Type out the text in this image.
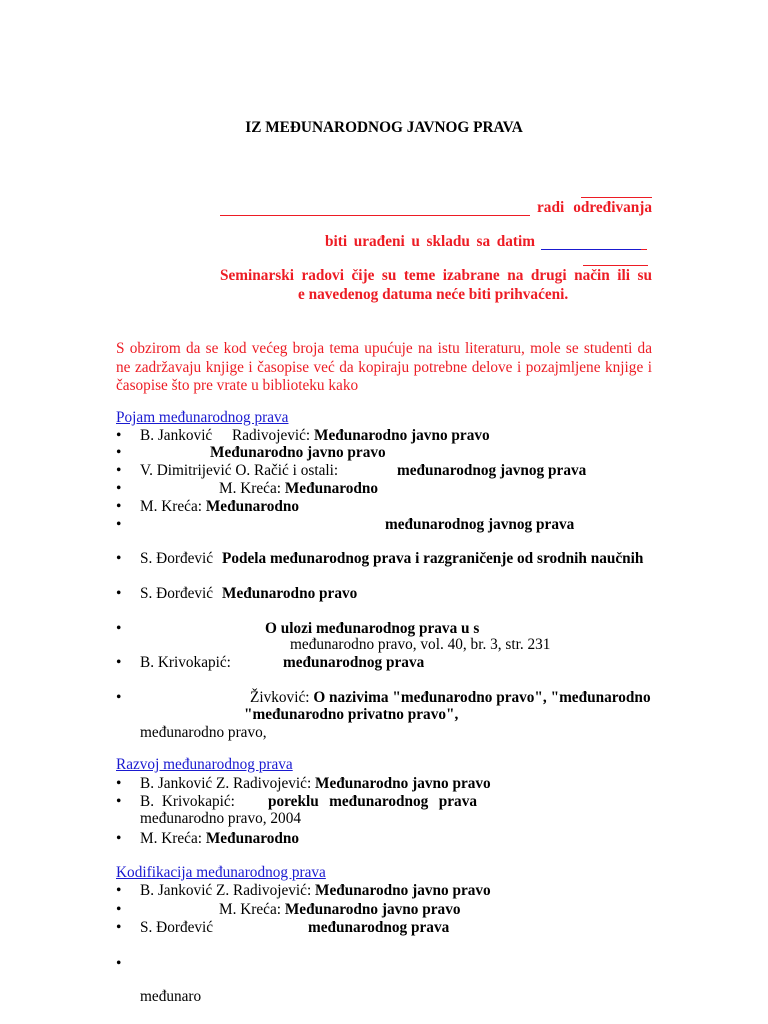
IZ MEĐUNARODNOG JAVNOG PRAVA
radi određivanja
biti urađeni u skladu sa datim
Seminarski radovi čije su teme izabrane na drugi način ili su
e navedenog datuma neće biti prihvaćeni.
S obzirom da se kod većeg broja tema upućuje na istu literaturu, mole se studenti da
ne zadržavaju knjige i časopise već da kopiraju potrebne delove i pozajmljene knjige i
časopise što pre vrate u biblioteku kako
Pojam međunarodnog prava
•
B. Janković Radivojević: Međunarodno javno pravo
•
Međunarodno javno pravo
•
V. Dimitrijević O. Račić i ostali:	međunarodnog javnog prava
•
M. Kreća: Međunarodno
•
M. Kreća: Međunarodno
•
međunarodnog javnog prava
•
S. Đorđević Podela međunarodnog prava i razgraničenje od srodnih naučnih
•
S. Đorđević Međunarodno pravo
•
O ulozi međunarodnog prava u s
međunarodno pravo, vol. 40, br. 3, str. 231
•
B. Krivokapić:	međunarodnog prava
•
Živković: O nazivima "međunarodno pravo", "međunarodno
"međunarodno privatno pravo",
međunarodno pravo,
Razvoj međunarodnog prava
•
B. Janković Z. Radivojević: Međunarodno javno pravo
•
B. Krivokapić: poreklu međunarodnog prava
međunarodno pravo, 2004
•
M. Kreća: Međunarodno
Kodifikacija međunarodnog prava
•
B. Janković Z. Radivojević: Međunarodno javno pravo
•
M. Kreća: Međunarodno javno pravo
•
S. Đorđević	međunarodnog prava
•
međunaro
